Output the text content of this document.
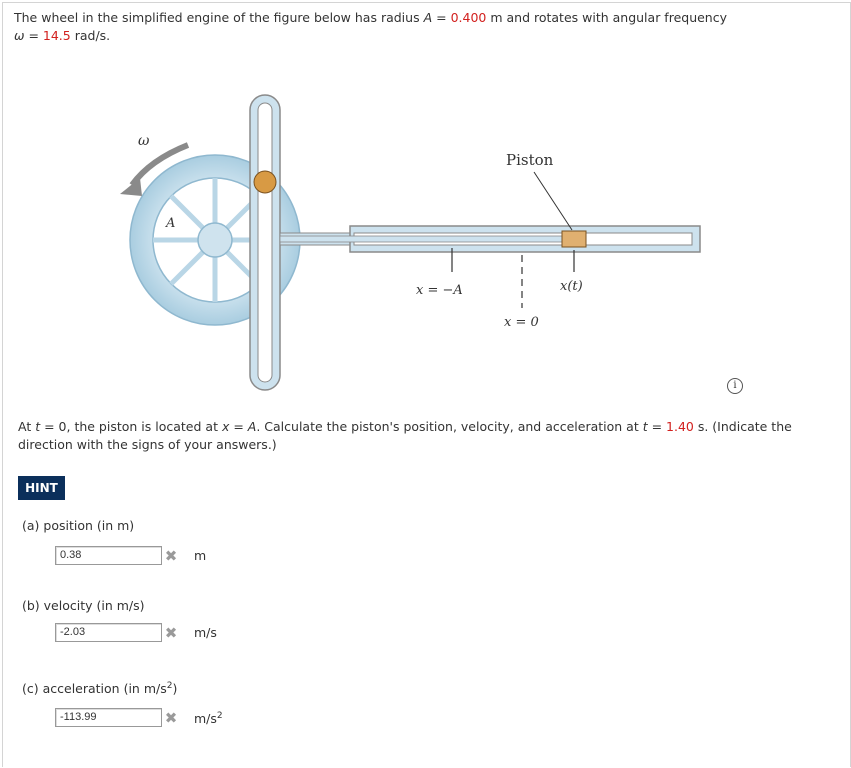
The wheel in the simplified engine of the figure below has radius A = 0.400 m and rotates with angular frequency
ω = 14.5 rad/s.
ω
A
Piston
x = −A
x = 0
x(t)
i
At t = 0, the piston is located at x = A. Calculate the piston's position, velocity, and acceleration at t = 1.40 s. (Indicate the direction with the signs of your answers.)
HINT
(a) position (in m)
0.38	✖ m
(b) velocity (in m/s)
-2.03	✖ m/s
(c) acceleration (in $m/s^2$)
-113.99	✖ $m/s^2$
